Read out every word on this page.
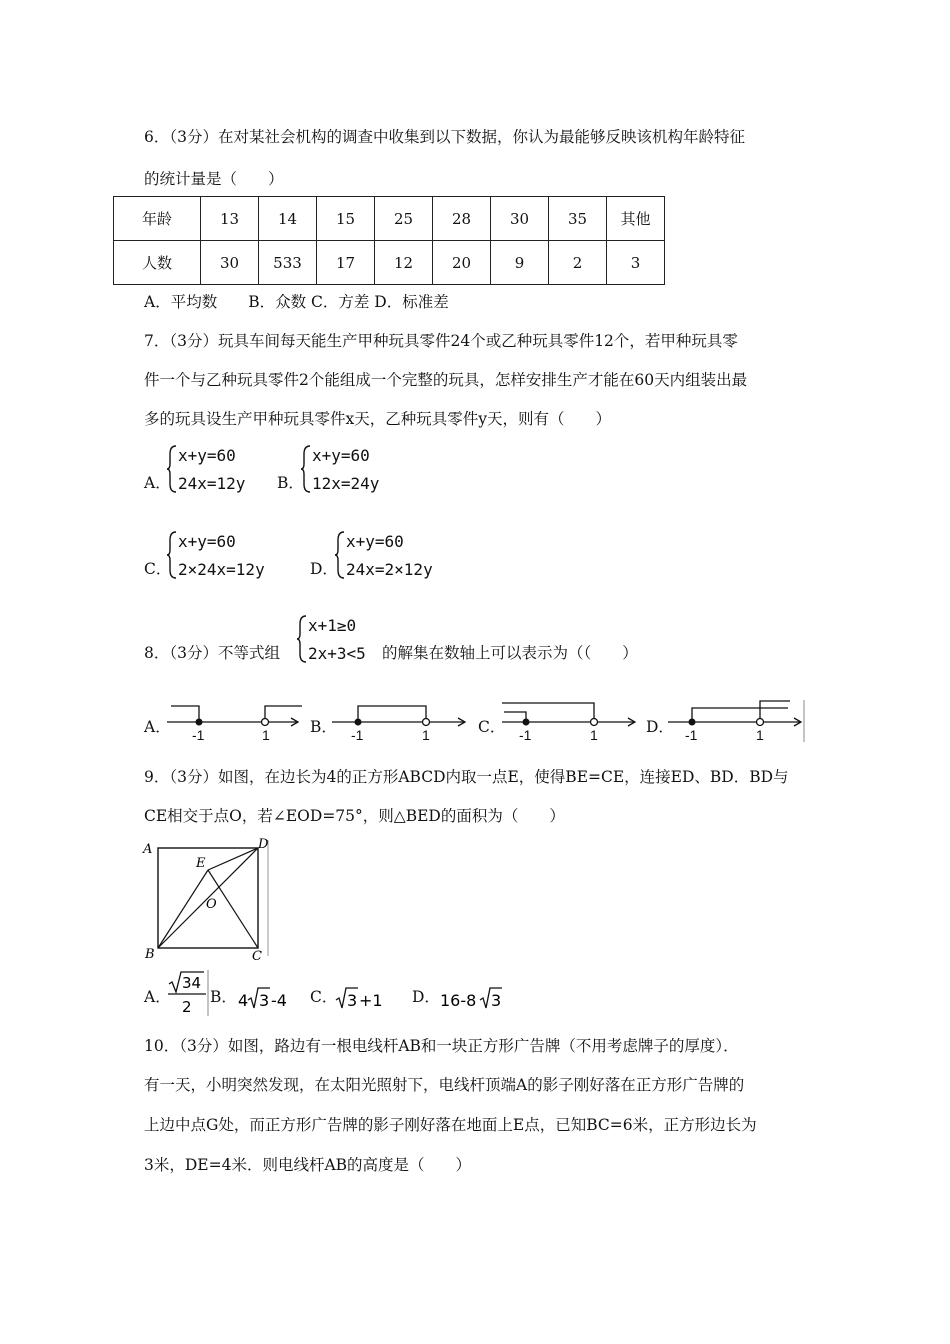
6．（3分）在对某社会机构的调查中收集到以下数据，你认为最能够反映该机构年龄特征
的统计量是（　　）
年龄	13	14	15	25	28	30	35	其他
人数	30	533	17	12	20	9	2	3
A．平均数　　B．众数 C．方差 D．标准差
7．（3分）玩具车间每天能生产甲种玩具零件24个或乙种玩具零件12个，若甲种玩具零
件一个与乙种玩具零件2个能组成一个完整的玩具，怎样安排生产才能在60天内组装出最
多的玩具设生产甲种玩具零件x天，乙种玩具零件y天，则有（　　）
A．
x+y=60
24x=12y B．
x+y=60
12x=24y
C．
x+y=60
2×24x=12y	D．
x+y=60
24x=2×12y
8．（3分）不等式组
x+1≥0
2x+3<5 的解集在数轴上可以表示为（（　　）
A． -1	1	B． -1	1	C． -1	1	D． -1	1
9．（3分）如图，在边长为4的正方形ABCD内取一点E，使得BE=CE，连接ED、BD．BD与
CE相交于点O，若∠EOD=75°，则△BED的面积为（　　）
A	D
B	C
E
O
A．
34
2
B． 4 3 -4 C． 3 +1 D． 16-8 3
10．（3分）如图，路边有一根电线杆AB和一块正方形广告牌（不用考虑牌子的厚度）．
有一天，小明突然发现，在太阳光照射下，电线杆顶端A的影子刚好落在正方形广告牌的
上边中点G处，而正方形广告牌的影子刚好落在地面上E点，已知BC=6米，正方形边长为
3米，DE=4米．则电线杆AB的高度是（　　）
